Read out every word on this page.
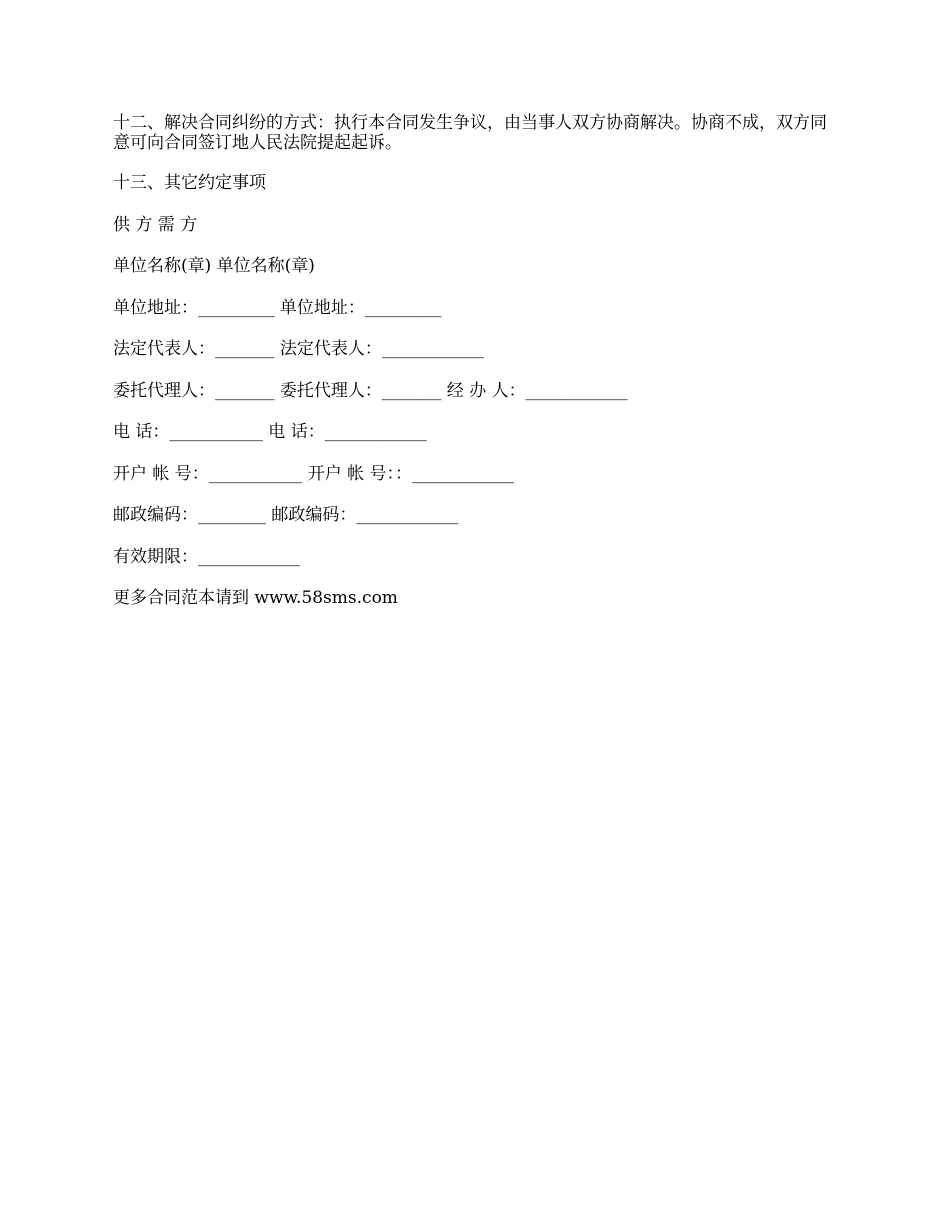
十二、解决合同纠纷的方式：执行本合同发生争议，由当事人双方协商解决。协商不成，双方同意可向合同签订地人民法院提起起诉。

十三、其它约定事项

供 方 需 方

单位名称(章) 单位名称(章)

单位地址：_________ 单位地址：_________

法定代表人：_______ 法定代表人：____________

委托代理人：_______ 委托代理人：_______ 经 办 人：____________

电 话：___________ 电 话：____________

开户 帐 号：___________ 开户 帐 号：：____________

邮政编码：________ 邮政编码：____________

有效期限：____________

更多合同范本请到 www.58sms.com
